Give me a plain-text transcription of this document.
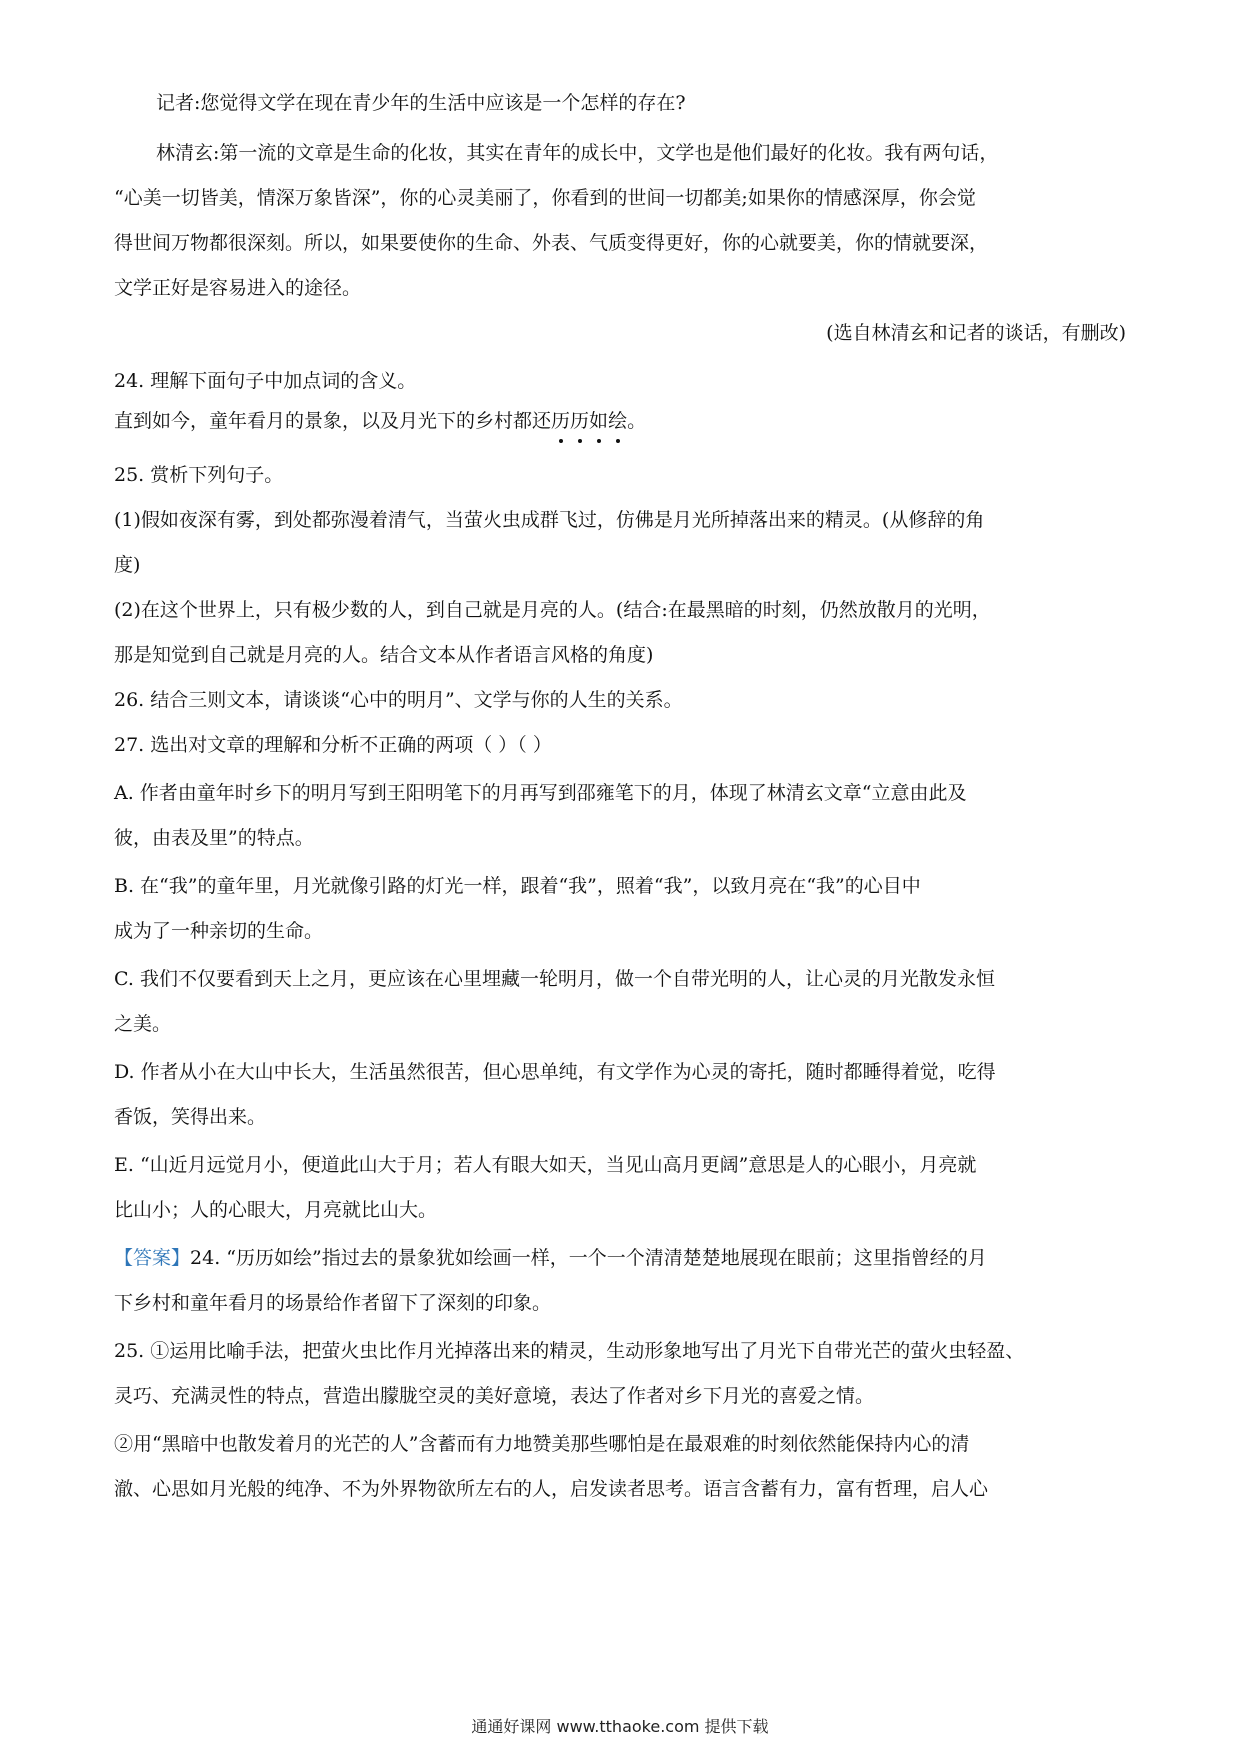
记者:您觉得文学在现在青少年的生活中应该是一个怎样的存在?
林清玄:第一流的文章是生命的化妆，其实在青年的成长中，文学也是他们最好的化妆。我有两句话，
“心美一切皆美，情深万象皆深”，你的心灵美丽了，你看到的世间一切都美;如果你的情感深厚，你会觉
得世间万物都很深刻。所以，如果要使你的生命、外表、气质变得更好，你的心就要美，你的情就要深，
文学正好是容易进入的途径。
(选自林清玄和记者的谈话，有删改)
24. 理解下面句子中加点词的含义。
直到如今，童年看月的景象，以及月光下的乡村都还历历如绘。
25. 赏析下列句子。
(1)假如夜深有雾，到处都弥漫着清气，当萤火虫成群飞过，仿佛是月光所掉落出来的精灵。(从修辞的角
度)
(2)在这个世界上，只有极少数的人，到自己就是月亮的人。(结合:在最黑暗的时刻，仍然放散月的光明，
那是知觉到自己就是月亮的人。结合文本从作者语言风格的角度)
26. 结合三则文本，请谈谈“心中的明月”、文学与你的人生的关系。
27. 选出对文章的理解和分析不正确的两项（ ）（ ）
A. 作者由童年时乡下的明月写到王阳明笔下的月再写到邵雍笔下的月，体现了林清玄文章“立意由此及
彼，由表及里”的特点。
B. 在“我”的童年里，月光就像引路的灯光一样，跟着“我”，照着“我”，以致月亮在“我”的心目中
成为了一种亲切的生命。
C. 我们不仅要看到天上之月，更应该在心里埋藏一轮明月，做一个自带光明的人，让心灵的月光散发永恒
之美。
D. 作者从小在大山中长大，生活虽然很苦，但心思单纯，有文学作为心灵的寄托，随时都睡得着觉，吃得
香饭，笑得出来。
E. “山近月远觉月小，便道此山大于月；若人有眼大如天，当见山高月更阔”意思是人的心眼小，月亮就
比山小；人的心眼大，月亮就比山大。
【答案】24. “历历如绘”指过去的景象犹如绘画一样，一个一个清清楚楚地展现在眼前；这里指曾经的月
下乡村和童年看月的场景给作者留下了深刻的印象。
25. ①运用比喻手法，把萤火虫比作月光掉落出来的精灵，生动形象地写出了月光下自带光芒的萤火虫轻盈、
灵巧、充满灵性的特点，营造出朦胧空灵的美好意境，表达了作者对乡下月光的喜爱之情。
②用“黑暗中也散发着月的光芒的人”含蓄而有力地赞美那些哪怕是在最艰难的时刻依然能保持内心的清
澈、心思如月光般的纯净、不为外界物欲所左右的人，启发读者思考。语言含蓄有力，富有哲理，启人心
通通好课网 www.tthaoke.com 提供下载
